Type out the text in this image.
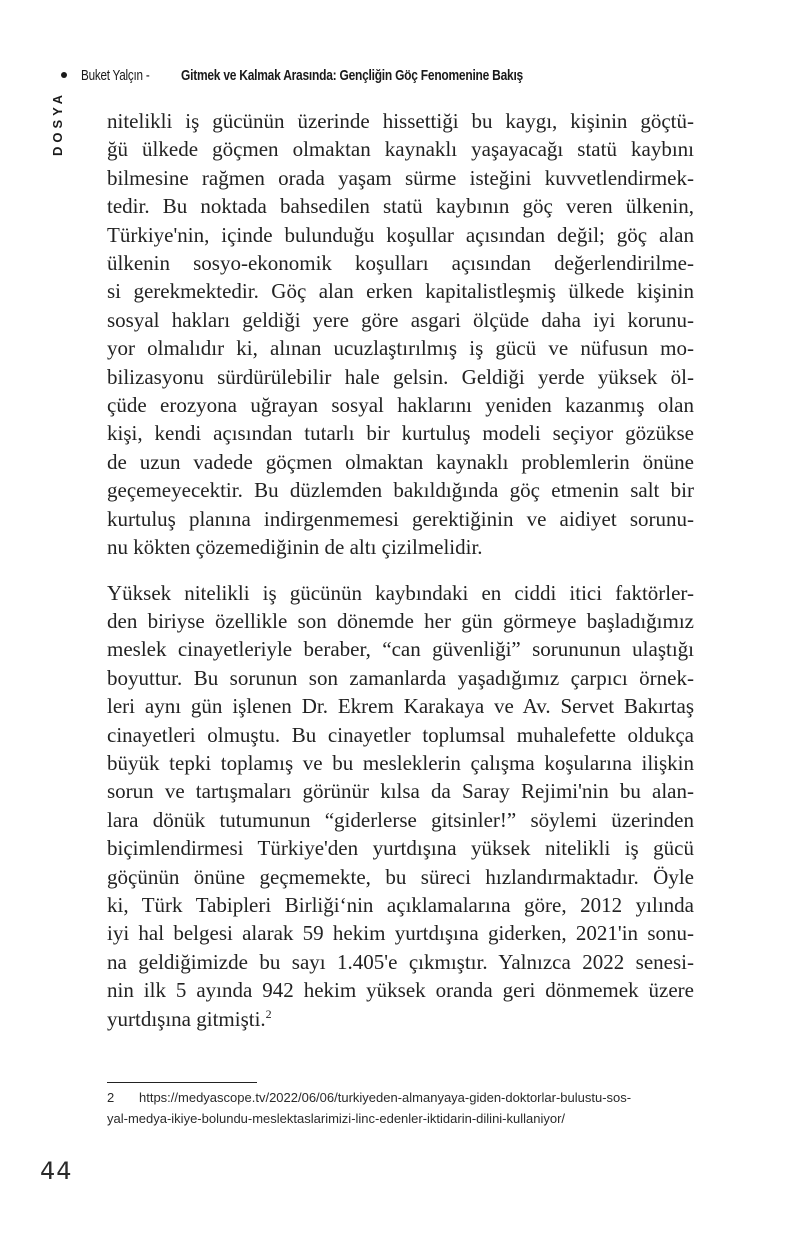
Buket Yalçın -	Gitmek ve Kalmak Arasında: Gençliğin Göç Fenomenine Bakış
DOSYA nitelikli iş gücünün üzerinde hissettiği bu kaygı, kişinin göçtü-
ğü ülkede göçmen olmaktan kaynaklı yaşayacağı statü kaybını
bilmesine rağmen orada yaşam sürme isteğini kuvvetlendirmek-
tedir. Bu noktada bahsedilen statü kaybının göç veren ülkenin,
Türkiye'nin, içinde bulunduğu koşullar açısından değil; göç alan
ülkenin sosyo-ekonomik koşulları açısından değerlendirilme-
si gerekmektedir. Göç alan erken kapitalistleşmiş ülkede kişinin
sosyal hakları geldiği yere göre asgari ölçüde daha iyi korunu-
yor olmalıdır ki, alınan ucuzlaştırılmış iş gücü ve nüfusun mo-
bilizasyonu sürdürülebilir hale gelsin. Geldiği yerde yüksek öl-
çüde erozyona uğrayan sosyal haklarını yeniden kazanmış olan
kişi, kendi açısından tutarlı bir kurtuluş modeli seçiyor gözükse
de uzun vadede göçmen olmaktan kaynaklı problemlerin önüne
geçemeyecektir. Bu düzlemden bakıldığında göç etmenin salt bir
kurtuluş planına indirgenmemesi gerektiğinin ve aidiyet sorunu-
nu kökten çözemediğinin de altı çizilmelidir.

Yüksek nitelikli iş gücünün kaybındaki en ciddi itici faktörler-
den biriyse özellikle son dönemde her gün görmeye başladığımız
meslek cinayetleriyle beraber, “can güvenliği” sorununun ulaştığı
boyuttur. Bu sorunun son zamanlarda yaşadığımız çarpıcı örnek-
leri aynı gün işlenen Dr. Ekrem Karakaya ve Av. Servet Bakırtaş
cinayetleri olmuştu. Bu cinayetler toplumsal muhalefette oldukça
büyük tepki toplamış ve bu mesleklerin çalışma koşularına ilişkin
sorun ve tartışmaları görünür kılsa da Saray Rejimi'nin bu alan-
lara dönük tutumunun “giderlerse gitsinler!” söylemi üzerinden
biçimlendirmesi Türkiye'den yurtdışına yüksek nitelikli iş gücü
göçünün önüne geçmemekte, bu süreci hızlandırmaktadır. Öyle
ki, Türk Tabipleri Birliği‘nin açıklamalarına göre, 2012 yılında
iyi hal belgesi alarak 59 hekim yurtdışına giderken, 2021'in sonu-
na geldiğimizde bu sayı 1.405'e çıkmıştır. Yalnızca 2022 senesi-
nin ilk 5 ayında 942 hekim yüksek oranda geri dönmemek üzere
yurtdışına gitmişti.$^2$

2 https://medyascope.tv/2022/06/06/turkiyeden-almanyaya-giden-doktorlar-bulustu-sos-
yal-medya-ikiye-bolundu-meslektaslarimizi-linc-edenler-iktidarin-dilini-kullaniyor/
44
